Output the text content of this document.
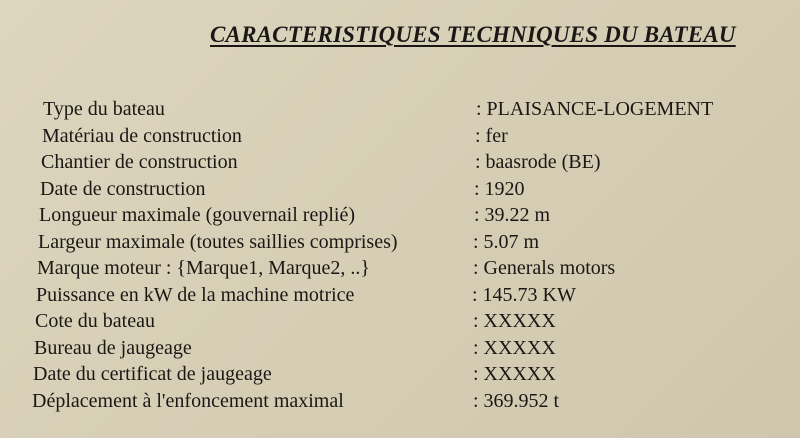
CARACTERISTIQUES TECHNIQUES DU BATEAU
Type du bateau	: PLAISANCE-LOGEMENT
Matériau de construction	: fer
Chantier de construction	: baasrode (BE)
Date de construction	: 1920
Longueur maximale (gouvernail replié)	: 39.22 m
Largeur maximale (toutes saillies comprises)	: 5.07 m
Marque moteur : {Marque1, Marque2, ..}	: Generals motors
Puissance en kW de la machine motrice	: 145.73 KW
Cote du bateau	: XXXXX
Bureau de jaugeage	: XXXXX
Date du certificat de jaugeage	: XXXXX
Déplacement à l'enfoncement maximal	: 369.952 t
